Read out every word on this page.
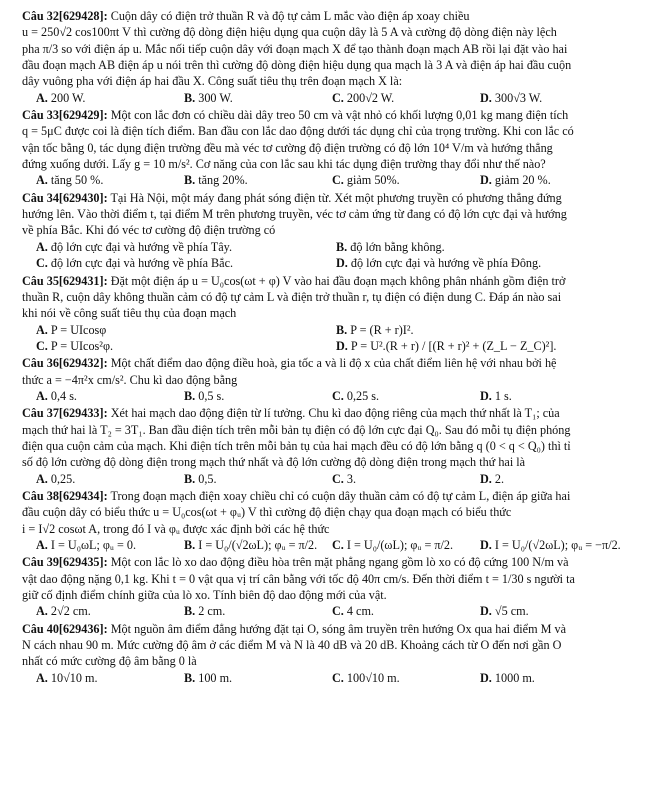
Câu 32[629428]: Cuộn dây có điện trở thuần R và độ tự cảm L mắc vào điện áp xoay chiều
u = 250√2 cos100πt V thì cường độ dòng điện hiệu dụng qua cuộn dây là 5 A và cường độ dòng điện này lệch
pha π/3 so với điện áp u. Mắc nối tiếp cuộn dây với đoạn mạch X để tạo thành đoạn mạch AB rồi lại đặt vào hai
đầu đoạn mạch AB điện áp u nói trên thì cường độ dòng điện hiệu dụng qua mạch là 3 A và điện áp hai đầu cuộn
dây vuông pha với điện áp hai đầu X. Công suất tiêu thụ trên đoạn mạch X là:
A. 200 W.	B. 300 W.	C. 200√2 W.	D. 300√3 W.
Câu 33[629429]: Một con lắc đơn có chiều dài dây treo 50 cm và vật nhỏ có khối lượng 0,01 kg mang điện tích
q = 5μC được coi là điện tích điểm. Ban đầu con lắc dao động dưới tác dụng chỉ của trọng trường. Khi con lắc có
vận tốc bằng 0, tác dụng điện trường đều mà véc tơ cường độ điện trường có độ lớn 10⁴ V/m và hướng thẳng
đứng xuống dưới. Lấy g = 10 m/s². Cơ năng của con lắc sau khi tác dụng điện trường thay đổi như thế nào?
A. tăng 50 %.	B. tăng 20%.	C. giảm 50%.	D. giảm 20 %.
Câu 34[629430]: Tại Hà Nội, một máy đang phát sóng điện từ. Xét một phương truyền có phương thẳng đứng
hướng lên. Vào thời điểm t, tại điểm M trên phương truyền, véc tơ cảm ứng từ đang có độ lớn cực đại và hướng
về phía Bắc. Khi đó véc tơ cường độ điện trường có
A. độ lớn cực đại và hướng về phía Tây.	B. độ lớn bằng không.
C. độ lớn cực đại và hướng về phía Bắc.	D. độ lớn cực đại và hướng về phía Đông.
Câu 35[629431]: Đặt một điện áp u = U₀cos(ωt + φ) V vào hai đầu đoạn mạch không phân nhánh gồm điện trở
thuần R, cuộn dây không thuần cảm có độ tự cảm L và điện trở thuần r, tụ điện có điện dung C. Đáp án nào sai
khi nói về công suất tiêu thụ của đoạn mạch
A. P = UIcosφ	B. P = (R + r)I².
C. P = UIcos²φ.	D. P = U².(R + r) / [(R + r)² + (Z_L − Z_C)²].
Câu 36[629432]: Một chất điểm dao động điều hoà, gia tốc a và li độ x của chất điểm liên hệ với nhau bởi hệ
thức a = −4π²x cm/s². Chu kì dao động bằng
A. 0,4 s.	B. 0,5 s.	C. 0,25 s.	D. 1 s.
Câu 37[629433]: Xét hai mạch dao động điện từ lí tưởng. Chu kì dao động riêng của mạch thứ nhất là T₁; của
mạch thứ hai là T₂ = 3T₁. Ban đầu điện tích trên mỗi bản tụ điện có độ lớn cực đại Q₀. Sau đó mỗi tụ điện phóng
điện qua cuộn cảm của mạch. Khi điện tích trên mỗi bản tụ của hai mạch đều có độ lớn bằng q (0 < q < Q₀) thì tỉ
số độ lớn cường độ dòng điện trong mạch thứ nhất và độ lớn cường độ dòng điện trong mạch thứ hai là
A. 0,25.	B. 0,5.	C. 3.	D. 2.
Câu 38[629434]: Trong đoạn mạch điện xoay chiều chỉ có cuộn dây thuần cảm có độ tự cảm L, điện áp giữa hai
đầu cuộn dây có biểu thức u = U₀cos(ωt + φᵤ) V thì cường độ điện chạy qua đoạn mạch có biểu thức
i = I√2 cosωt A, trong đó I và φᵤ được xác định bởi các hệ thức
A. I = U₀ωL; φᵤ = 0.	B. I = U₀/(√2ωL); φᵤ = π/2.	C. I = U₀/(ωL); φᵤ = π/2.	D. I = U₀/(√2ωL); φᵤ = −π/2.
Câu 39[629435]: Một con lắc lò xo dao động điều hòa trên mặt phẳng ngang gồm lò xo có độ cứng 100 N/m và
vật dao động nặng 0,1 kg. Khi t = 0 vật qua vị trí cân bằng với tốc độ 40π cm/s. Đến thời điểm t = 1/30 s người ta
giữ cố định điểm chính giữa của lò xo. Tính biên độ dao động mới của vật.
A. 2√2 cm.	B. 2 cm.	C. 4 cm.	D. √5 cm.
Câu 40[629436]: Một nguồn âm điểm đẳng hướng đặt tại O, sóng âm truyền trên hướng Ox qua hai điểm M và
N cách nhau 90 m. Mức cường độ âm ở các điểm M và N là 40 dB và 20 dB. Khoảng cách từ O đến nơi gần O
nhất có mức cường độ âm bằng 0 là
A. 10√10 m.	B. 100 m.	C. 100√10 m.	D. 1000 m.
